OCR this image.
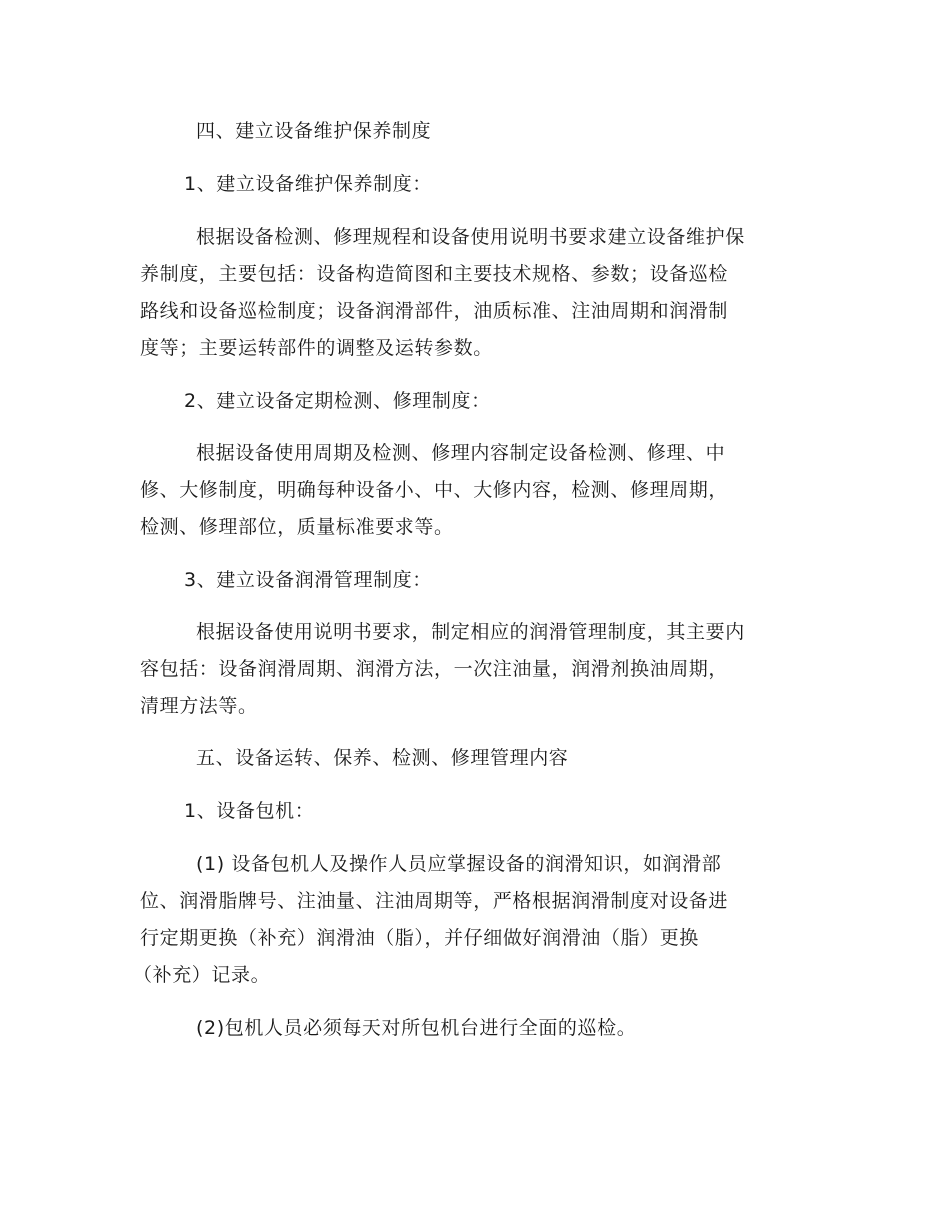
四、建立设备维护保养制度
1、建立设备维护保养制度：
根据设备检测、修理规程和设备使用说明书要求建立设备维护保
养制度，主要包括：设备构造简图和主要技术规格、参数；设备巡检
路线和设备巡检制度；设备润滑部件，油质标准、注油周期和润滑制
度等；主要运转部件的调整及运转参数。
2、建立设备定期检测、修理制度：
根据设备使用周期及检测、修理内容制定设备检测、修理、中
修、大修制度，明确每种设备小、中、大修内容，检测、修理周期，
检测、修理部位，质量标准要求等。
3、建立设备润滑管理制度：
根据设备使用说明书要求，制定相应的润滑管理制度，其主要内
容包括：设备润滑周期、润滑方法，一次注油量，润滑剂换油周期，
清理方法等。
五、设备运转、保养、检测、修理管理内容
1、设备包机：
(1) 设备包机人及操作人员应掌握设备的润滑知识，如润滑部
位、润滑脂牌号、注油量、注油周期等，严格根据润滑制度对设备进
行定期更换（补充）润滑油（脂），并仔细做好润滑油（脂）更换
（补充）记录。
(2)包机人员必须每天对所包机台进行全面的巡检。
